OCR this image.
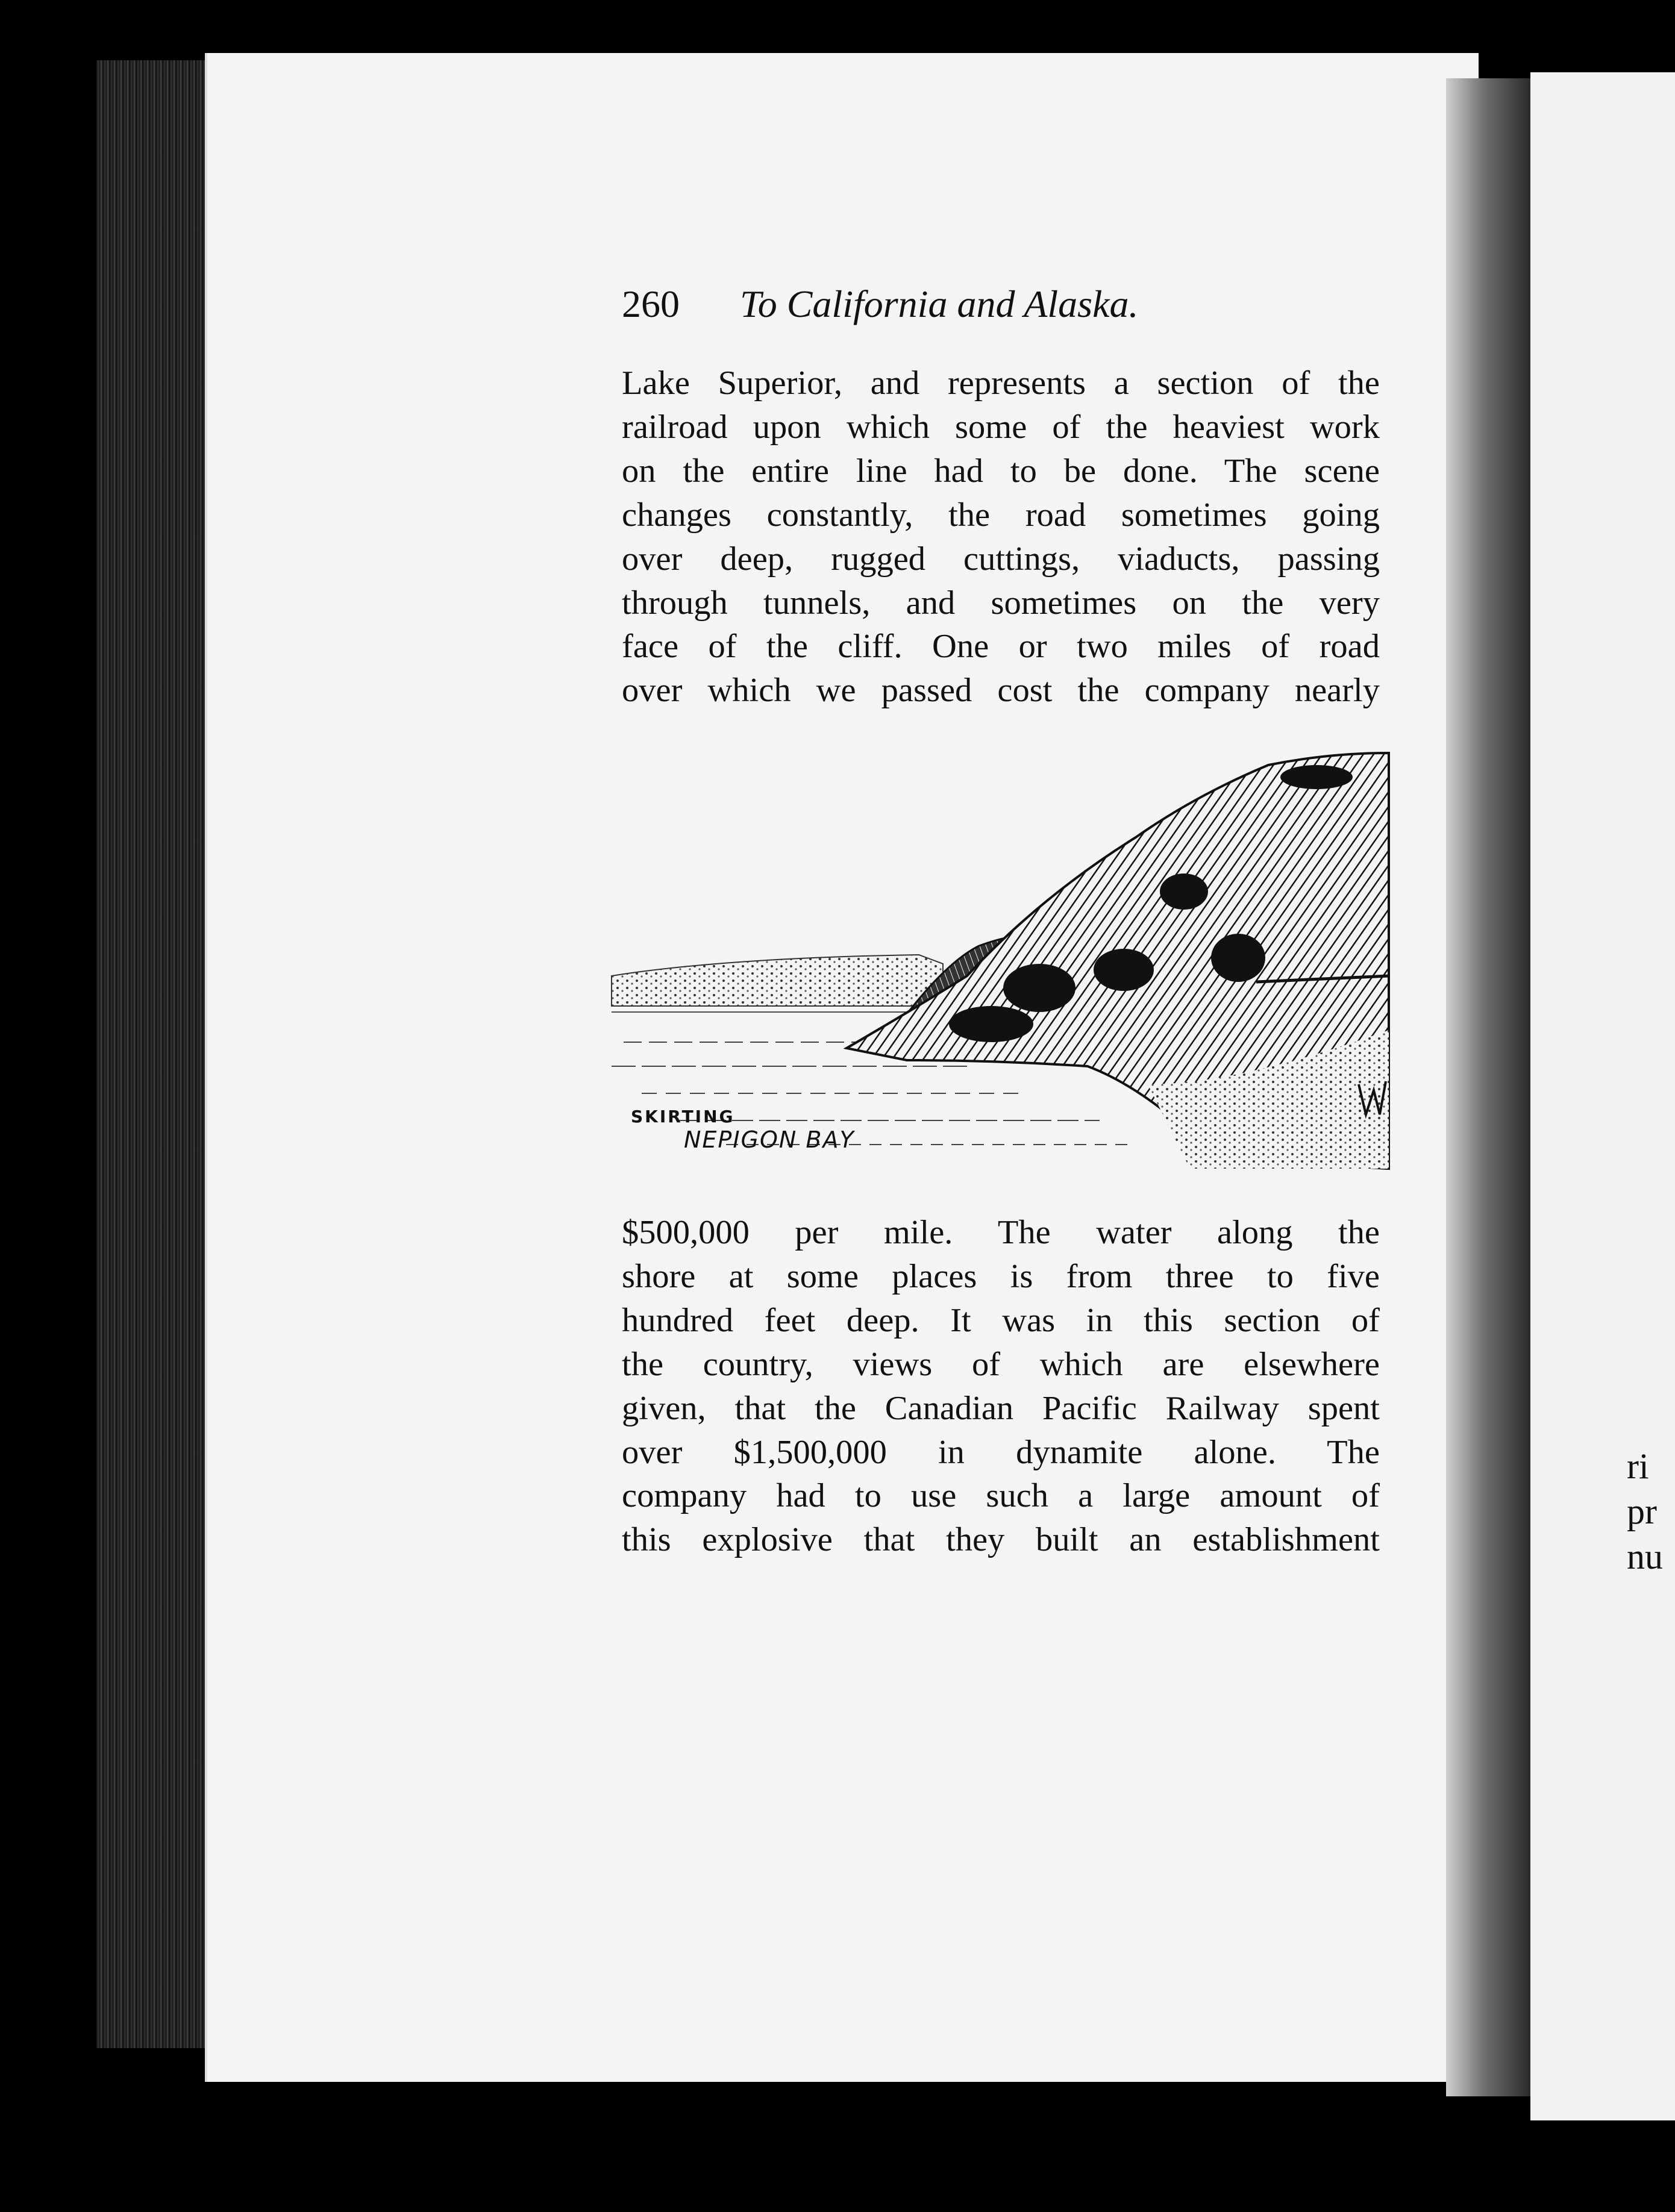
260 To California and Alaska.
Lake Superior, and represents a section of the
railroad upon which some of the heaviest work
on the entire line had to be done. The scene
changes constantly, the road sometimes going
over deep, rugged cuttings, viaducts, passing
through tunnels, and sometimes on the very
face of the cliff. One or two miles of road
over which we passed cost the company nearly
SKIRTING
NEPIGON BAY
$500,000 per mile. The water along the
shore at some places is from three to five
hundred feet deep. It was in this section of
the country, views of which are elsewhere
given, that the Canadian Pacific Railway spent
over $1,500,000 in dynamite alone. The
company had to use such a large amount of
this explosive that they built an establishment
ri
pr
nu
